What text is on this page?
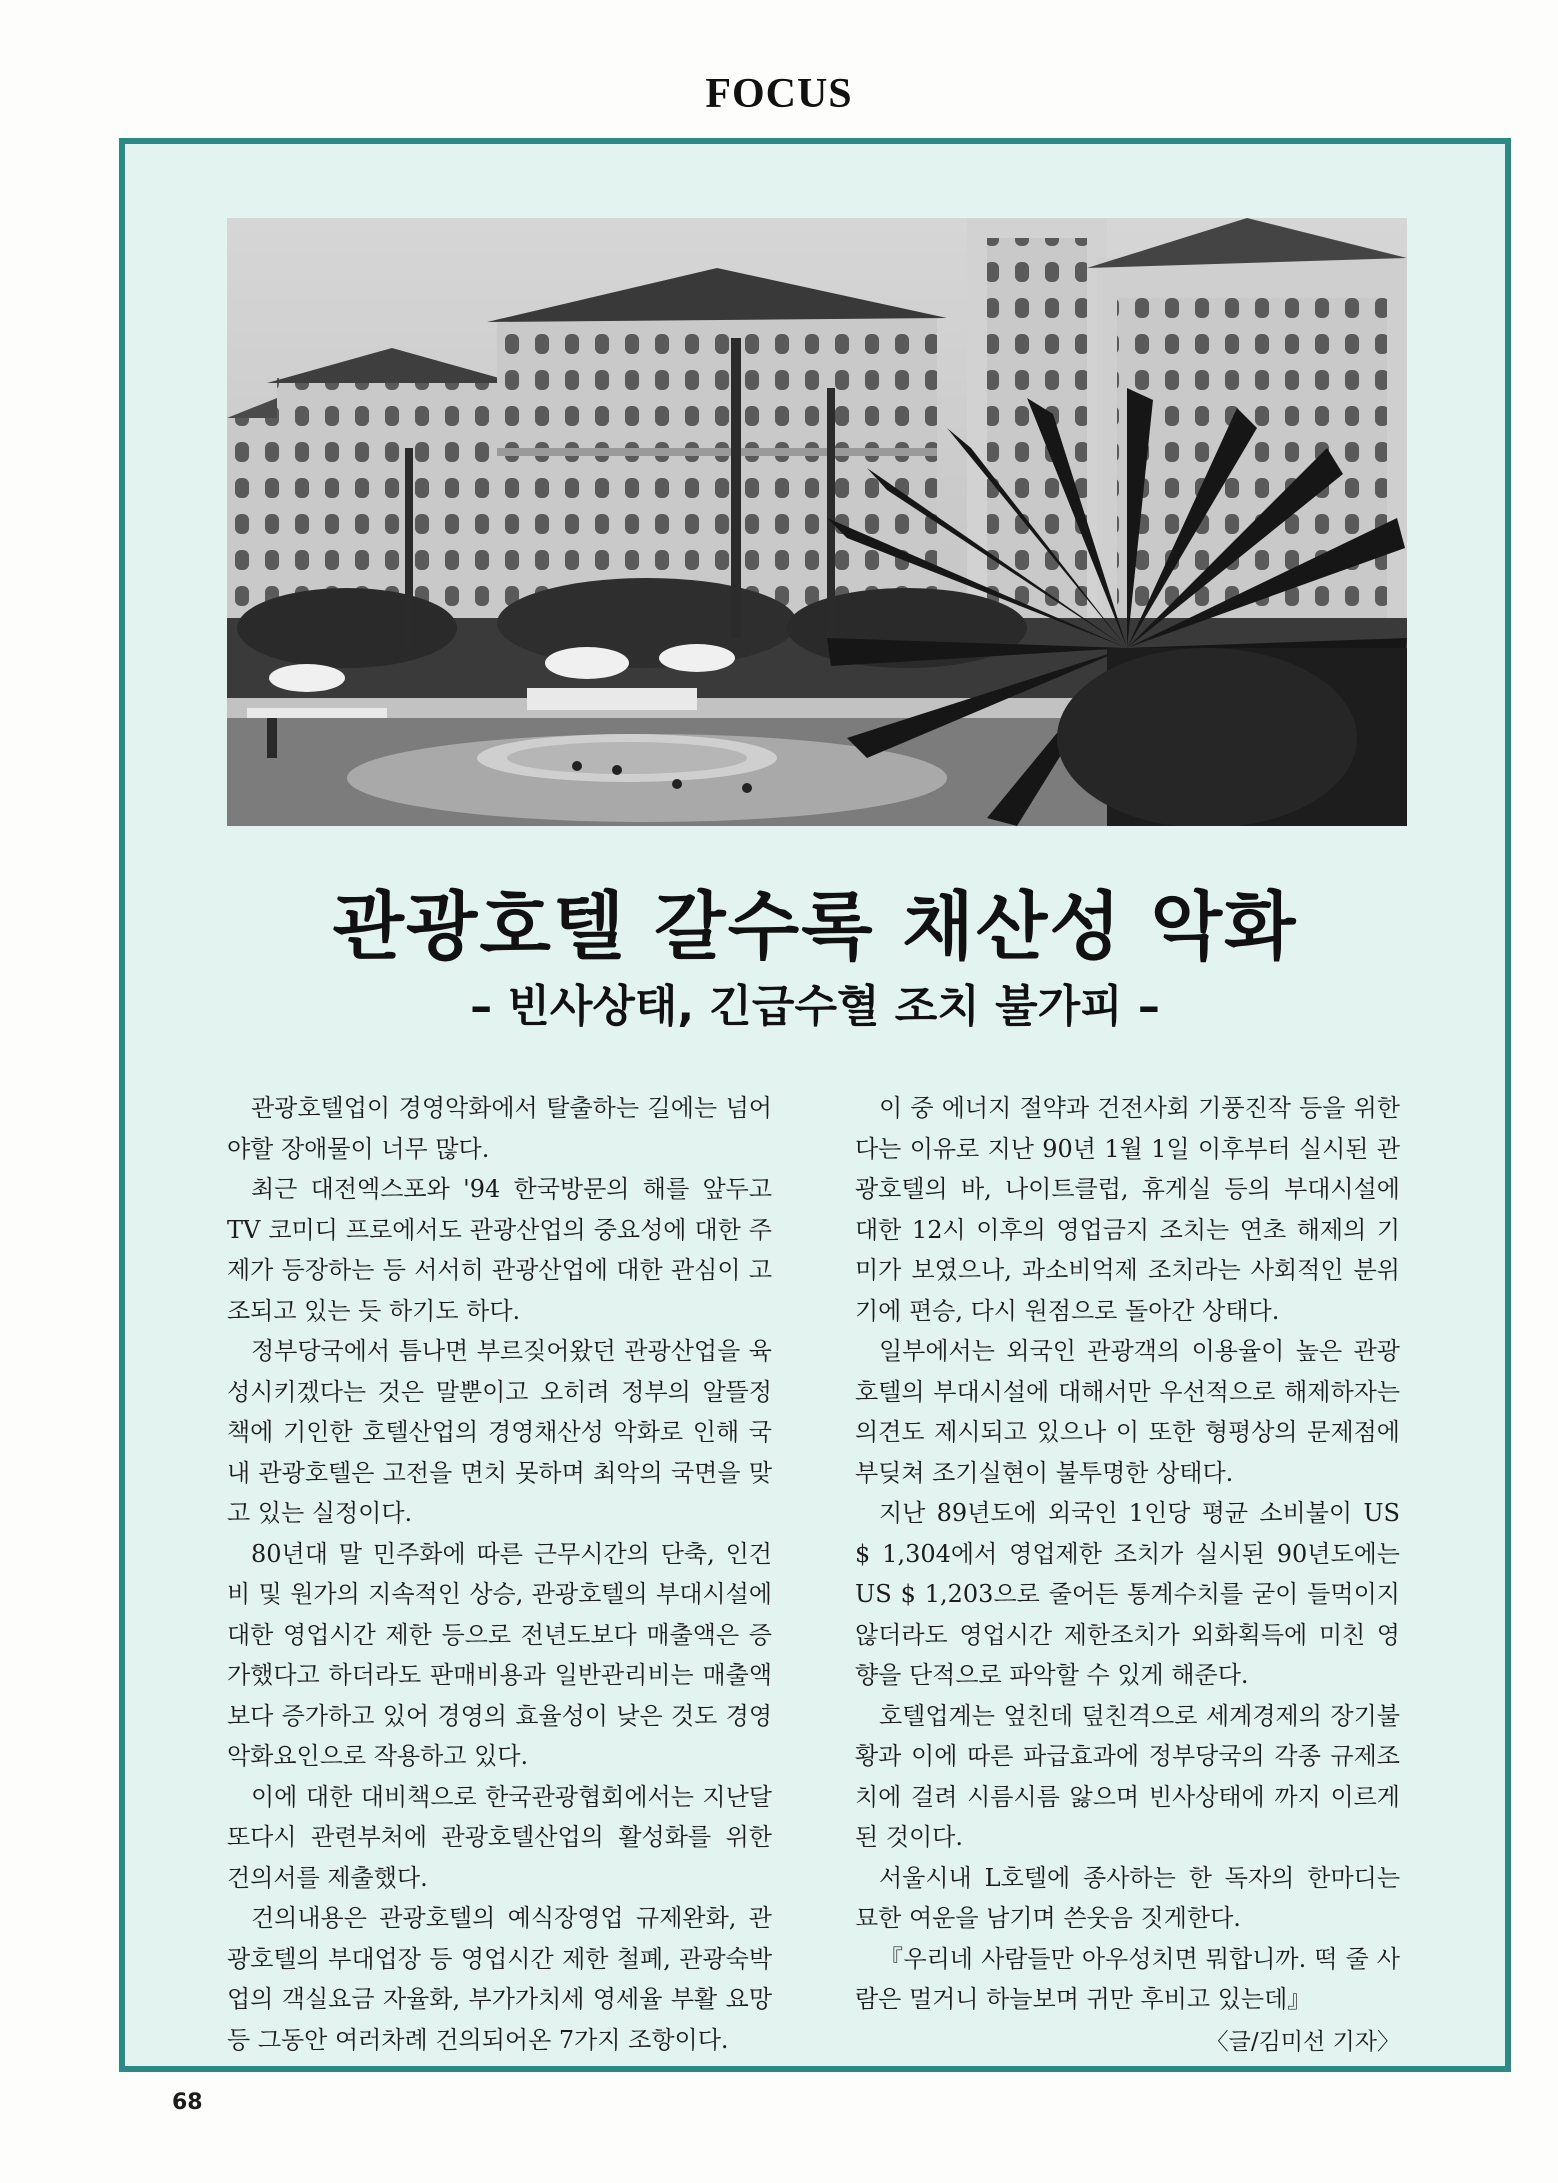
FOCUS
관광호텔 갈수록 채산성 악화
– 빈사상태, 긴급수혈 조치 불가피 –

관광호텔업이 경영악화에서 탈출하는 길에는 넘어야할 장애물이 너무 많다.

최근 대전엑스포와 '94 한국방문의 해를 앞두고 TV 코미디 프로에서도 관광산업의 중요성에 대한 주제가 등장하는 등 서서히 관광산업에 대한 관심이 고조되고 있는 듯 하기도 하다.

정부당국에서 틈나면 부르짖어왔던 관광산업을 육성시키겠다는 것은 말뿐이고 오히려 정부의 알뜰정책에 기인한 호텔산업의 경영채산성 악화로 인해 국내 관광호텔은 고전을 면치 못하며 최악의 국면을 맞고 있는 실정이다.

80년대 말 민주화에 따른 근무시간의 단축, 인건비 및 원가의 지속적인 상승, 관광호텔의 부대시설에 대한 영업시간 제한 등으로 전년도보다 매출액은 증가했다고 하더라도 판매비용과 일반관리비는 매출액보다 증가하고 있어 경영의 효율성이 낮은 것도 경영악화요인으로 작용하고 있다.

이에 대한 대비책으로 한국관광협회에서는 지난달 또다시 관련부처에 관광호텔산업의 활성화를 위한 건의서를 제출했다.

건의내용은 관광호텔의 예식장영업 규제완화, 관광호텔의 부대업장 등 영업시간 제한 철폐, 관광숙박업의 객실요금 자율화, 부가가치세 영세율 부활 요망 등 그동안 여러차례 건의되어온 7가지 조항이다.

이 중 에너지 절약과 건전사회 기풍진작 등을 위한다는 이유로 지난 90년 1월 1일 이후부터 실시된 관광호텔의 바, 나이트클럽, 휴게실 등의 부대시설에 대한 12시 이후의 영업금지 조치는 연초 해제의 기미가 보였으나, 과소비억제 조치라는 사회적인 분위기에 편승, 다시 원점으로 돌아간 상태다.

일부에서는 외국인 관광객의 이용율이 높은 관광호텔의 부대시설에 대해서만 우선적으로 해제하자는 의견도 제시되고 있으나 이 또한 형평상의 문제점에 부딪쳐 조기실현이 불투명한 상태다.

지난 89년도에 외국인 1인당 평균 소비불이 US $ 1,304에서 영업제한 조치가 실시된 90년도에는 US $ 1,203으로 줄어든 통계수치를 굳이 들먹이지 않더라도 영업시간 제한조치가 외화획득에 미친 영향을 단적으로 파악할 수 있게 해준다.

호텔업계는 엎친데 덮친격으로 세계경제의 장기불황과 이에 따른 파급효과에 정부당국의 각종 규제조치에 걸려 시름시름 앓으며 빈사상태에 까지 이르게 된 것이다.

서울시내 L호텔에 종사하는 한 독자의 한마디는 묘한 여운을 남기며 쓴웃음 짓게한다.

『우리네 사람들만 아우성치면 뭐합니까. 떡 줄 사람은 멀거니 하늘보며 귀만 후비고 있는데』

〈글/김미선 기자〉
68
